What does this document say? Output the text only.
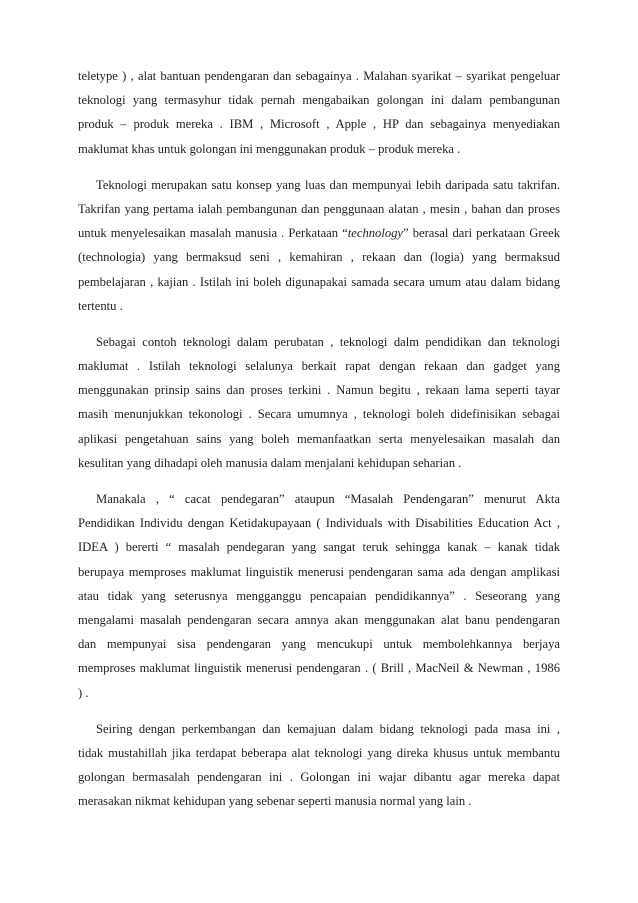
teletype ) , alat bantuan pendengaran dan sebagainya . Malahan syarikat – syarikat pengeluar
teknologi yang termasyhur tidak pernah mengabaikan golongan ini dalam pembangunan
produk – produk mereka . IBM , Microsoft , Apple , HP dan sebagainya menyediakan
maklumat khas untuk golongan ini menggunakan produk – produk mereka .
Teknologi merupakan satu konsep yang luas dan mempunyai lebih daripada satu takrifan.
Takrifan yang pertama ialah pembangunan dan penggunaan alatan , mesin , bahan dan proses
untuk menyelesaikan masalah manusia . Perkataan “technology” berasal dari perkataan Greek
(technologia) yang bermaksud seni , kemahiran , rekaan dan (logia) yang bermaksud
pembelajaran , kajian . Istilah ini boleh digunapakai samada secara umum atau dalam bidang
tertentu .
Sebagai contoh teknologi dalam perubatan , teknologi dalm pendidikan dan teknologi
maklumat . Istilah teknologi selalunya berkait rapat dengan rekaan dan gadget yang
menggunakan prinsip sains dan proses terkini . Namun begitu , rekaan lama seperti tayar
masih menunjukkan tekonologi . Secara umumnya , teknologi boleh didefinisikan sebagai
aplikasi pengetahuan sains yang boleh memanfaatkan serta menyelesaikan masalah dan
kesulitan yang dihadapi oleh manusia dalam menjalani kehidupan seharian .
Manakala , “ cacat pendegaran” ataupun “Masalah Pendengaran” menurut Akta
Pendidikan Individu dengan Ketidakupayaan ( Individuals with Disabilities Education Act ,
IDEA ) bererti “ masalah pendegaran yang sangat teruk sehingga kanak – kanak tidak
berupaya memproses maklumat linguistik menerusi pendengaran sama ada dengan amplikasi
atau tidak yang seterusnya mengganggu pencapaian pendidikannya” . Seseorang yang
mengalami masalah pendengaran secara amnya akan menggunakan alat banu pendengaran
dan mempunyai sisa pendengaran yang mencukupi untuk membolehkannya berjaya
memproses maklumat linguistik menerusi pendengaran . ( Brill , MacNeil & Newman , 1986
) .
Seiring dengan perkembangan dan kemajuan dalam bidang teknologi pada masa ini ,
tidak mustahillah jika terdapat beberapa alat teknologi yang direka khusus untuk membantu
golongan bermasalah pendengaran ini . Golongan ini wajar dibantu agar mereka dapat
merasakan nikmat kehidupan yang sebenar seperti manusia normal yang lain .
